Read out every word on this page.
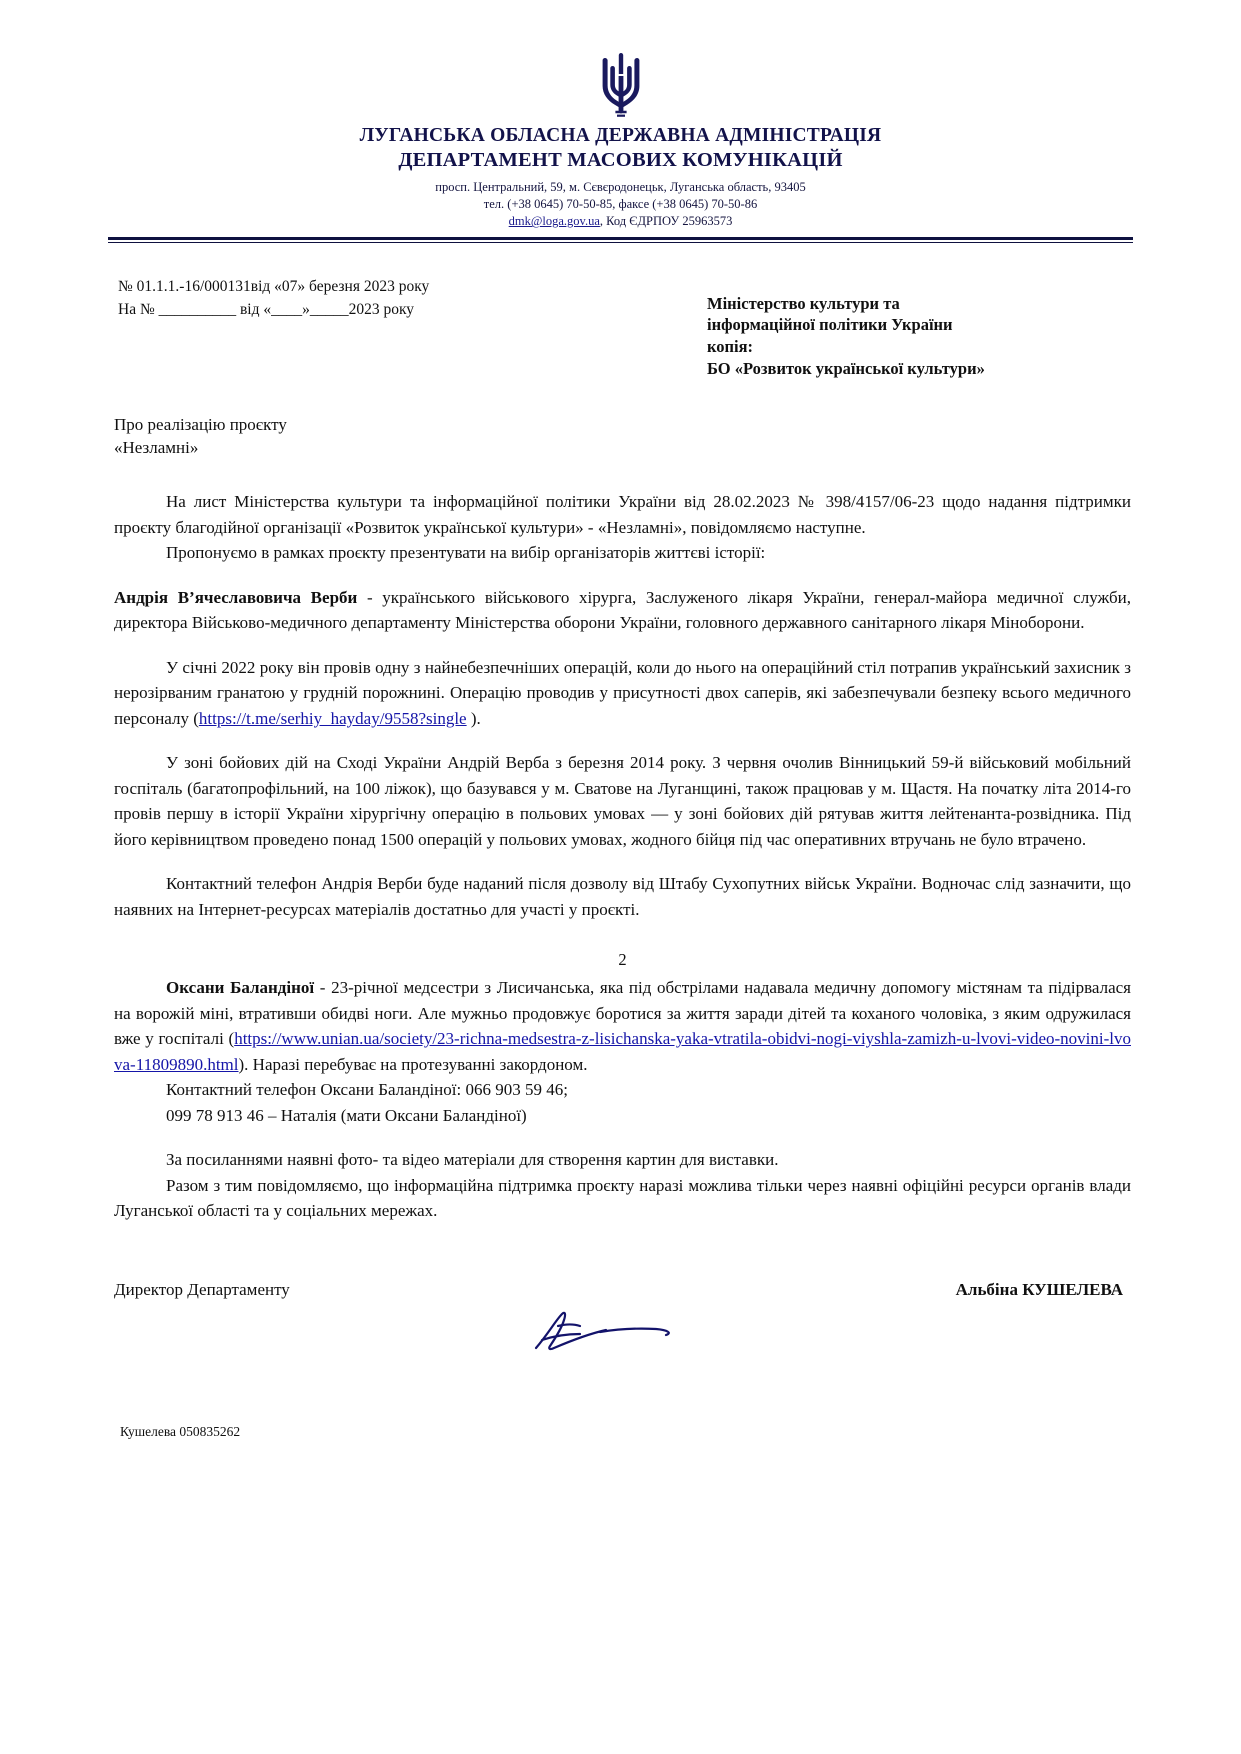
ЛУГАНСЬКА ОБЛАСНА ДЕРЖАВНА АДМІНІСТРАЦІЯ
ДЕПАРТАМЕНТ МАСОВИХ КОМУНІКАЦІЙ
просп. Центральний, 59, м. Сєвєродонецьк, Луганська область, 93405
тел. (+38 0645) 70-50-85, факсе (+38 0645) 70-50-86
dmk@loga.gov.ua, Код ЄДРПОУ 25963573
№ 01.1.1.-16/000131від «07» березня 2023 року
На № __________ від «____»_____2023 року	Міністерство культури та
інформаційної політики України
копія:
БО «Розвиток української культури»
Про реалізацію проєкту
«Незламні»

На лист Міністерства культури та інформаційної політики України від 28.02.2023 № 398/4157/06-23 щодо надання підтримки проєкту благодійної організації «Розвиток української культури» - «Незламні», повідомляємо наступне.

Пропонуємо в рамках проєкту презентувати на вибір організаторів життєві історії:

Андрія В’ячеславовича Верби - українського військового хірурга, Заслуженого лікаря України, генерал-майора медичної служби, директора Військово-медичного департаменту Міністерства оборони України, головного державного санітарного лікаря Міноборони.

У січні 2022 року він провів одну з найнебезпечніших операцій, коли до нього на операційний стіл потрапив український захисник з нерозірваним гранатою у грудній порожнині. Операцію проводив у присутності двох саперів, які забезпечували безпеку всього медичного персоналу (https://t.me/serhiy_hayday/9558?single ).

У зоні бойових дій на Сході України Андрій Верба з березня 2014 року. З червня очолив Вінницький 59-й військовий мобільний госпіталь (багатопрофільний, на 100 ліжок), що базувався у м. Сватове на Луганщині, також працював у м. Щастя. На початку літа 2014-го провів першу в історії України хірургічну операцію в польових умовах — у зоні бойових дій рятував життя лейтенанта-розвідника. Під його керівництвом проведено понад 1500 операцій у польових умовах, жодного бійця під час оперативних втручань не було втрачено.

Контактний телефон Андрія Верби буде наданий після дозволу від Штабу Сухопутних військ України. Водночас слід зазначити, що наявних на Інтернет-ресурсах матеріалів достатньо для участі у проєкті.

2

Оксани Баландіної - 23-річної медсестри з Лисичанська, яка під обстрілами надавала медичну допомогу містянам та підірвалася на ворожій міні, втративши обидві ноги. Але мужньо продовжує боротися за життя заради дітей та коханого чоловіка, з яким одружилася вже у госпіталі (https://www.unian.ua/society/23-richna-medsestra-z-lisichanska-yaka-vtratila-obidvi-nogi-viyshla-zamizh-u-lvovi-video-novini-lvova-11809890.html). Наразі перебуває на протезуванні закордоном.

Контактний телефон Оксани Баландіної: 066 903 59 46;

099 78 913 46 – Наталія (мати Оксани Баландіної)

За посиланнями наявні фото- та відео матеріали для створення картин для виставки.

Разом з тим повідомляємо, що інформаційна підтримка проєкту наразі можлива тільки через наявні офіційні ресурси органів влади Луганської області та у соціальних мережах.

Директор Департаменту	Альбіна КУШЕЛЕВА
Кушелева 050835262
